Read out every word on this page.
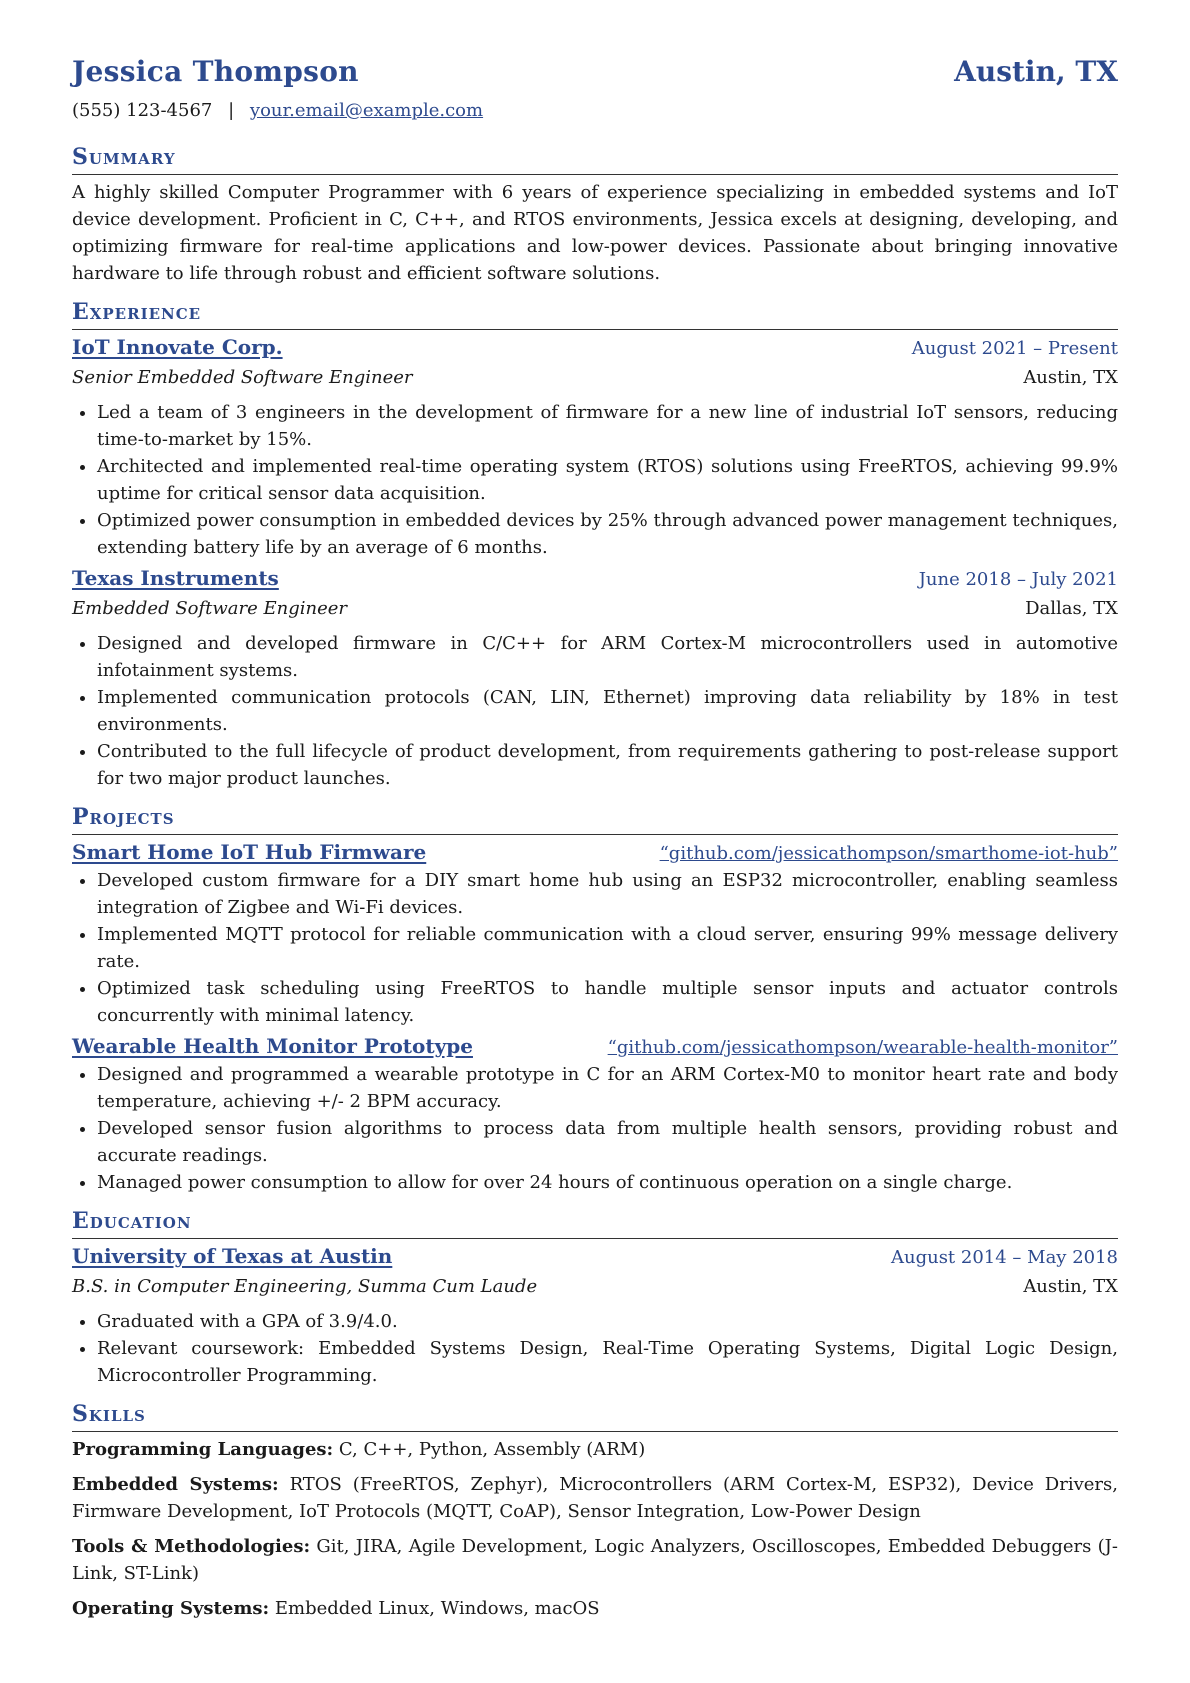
Jessica Thompson	Austin, TX
(555) 123-4567 | your.email@example.com
Summary
A highly skilled Computer Programmer with 6 years of experience specializing in embedded systems and IoT device development. Proficient in C, C++, and RTOS environments, Jessica excels at designing, developing, and optimizing firmware for real-time applications and low-power devices. Passionate about bringing innovative hardware to life through robust and efficient software solutions.
Experience
IoT Innovate Corp.	August 2021 – Present
Senior Embedded Software Engineer	Austin, TX
• Led a team of 3 engineers in the development of firmware for a new line of industrial IoT sensors, reducing time-to-market by 15%.
• Architected and implemented real-time operating system (RTOS) solutions using FreeRTOS, achieving 99.9% uptime for critical sensor data acquisition.
• Optimized power consumption in embedded devices by 25% through advanced power management techniques, extending battery life by an average of 6 months.
Texas Instruments	June 2018 – July 2021
Embedded Software Engineer	Dallas, TX
• Designed and developed firmware in C/C++ for ARM Cortex-M microcontrollers used in automotive infotainment systems.
• Implemented communication protocols (CAN, LIN, Ethernet) improving data reliability by 18% in test environments.
• Contributed to the full lifecycle of product development, from requirements gathering to post-release support for two major product launches.
Projects
Smart Home IoT Hub Firmware	“github.com/jessicathompson/smarthome-iot-hub”
• Developed custom firmware for a DIY smart home hub using an ESP32 microcontroller, enabling seamless integration of Zigbee and Wi-Fi devices.
• Implemented MQTT protocol for reliable communication with a cloud server, ensuring 99% message delivery rate.
• Optimized task scheduling using FreeRTOS to handle multiple sensor inputs and actuator controls concurrently with minimal latency.
Wearable Health Monitor Prototype	“github.com/jessicathompson/wearable-health-monitor”
• Designed and programmed a wearable prototype in C for an ARM Cortex-M0 to monitor heart rate and body temperature, achieving +/- 2 BPM accuracy.
• Developed sensor fusion algorithms to process data from multiple health sensors, providing robust and accurate readings.
• Managed power consumption to allow for over 24 hours of continuous operation on a single charge.
Education
University of Texas at Austin	August 2014 – May 2018
B.S. in Computer Engineering, Summa Cum Laude	Austin, TX
• Graduated with a GPA of 3.9/4.0.
• Relevant coursework: Embedded Systems Design, Real-Time Operating Systems, Digital Logic Design, Microcontroller Programming.
Skills
Programming Languages: C, C++, Python, Assembly (ARM)
Embedded Systems: RTOS (FreeRTOS, Zephyr), Microcontrollers (ARM Cortex-M, ESP32), Device Drivers, Firmware Development, IoT Protocols (MQTT, CoAP), Sensor Integration, Low-Power Design
Tools & Methodologies: Git, JIRA, Agile Development, Logic Analyzers, Oscilloscopes, Embedded Debuggers (J-Link, ST-Link)
Operating Systems: Embedded Linux, Windows, macOS
